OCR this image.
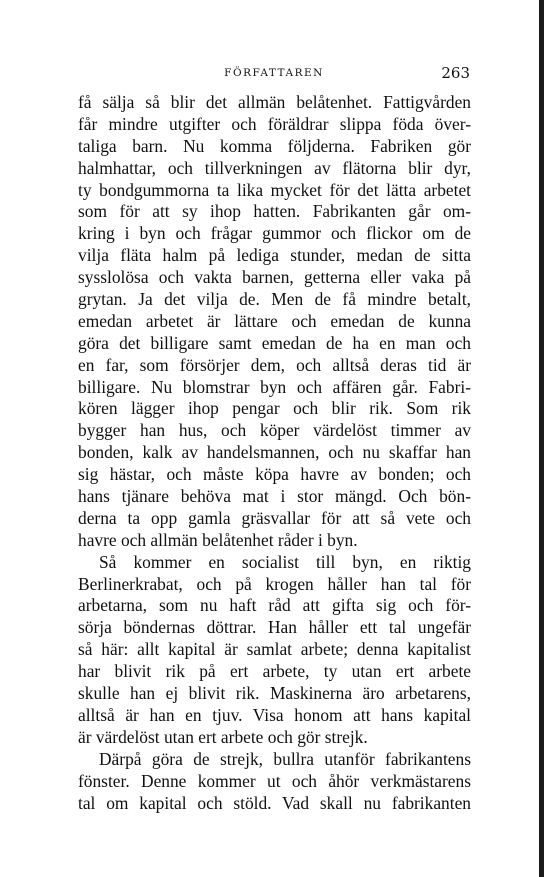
FÖRFATTAREN	263
få sälja så blir det allmän belåtenhet. Fattigvården
får mindre utgifter och föräldrar slippa föda över-
taliga barn. Nu komma följderna. Fabriken gör
halmhattar, och tillverkningen av flätorna blir dyr,
ty bondgummorna ta lika mycket för det lätta arbetet
som för att sy ihop hatten. Fabrikanten går om-
kring i byn och frågar gummor och flickor om de
vilja fläta halm på lediga stunder, medan de sitta
sysslolösa och vakta barnen, getterna eller vaka på
grytan. Ja det vilja de. Men de få mindre betalt,
emedan arbetet är lättare och emedan de kunna
göra det billigare samt emedan de ha en man och
en far, som försörjer dem, och alltså deras tid är
billigare. Nu blomstrar byn och affären går. Fabri-
kören lägger ihop pengar och blir rik. Som rik
bygger han hus, och köper värdelöst timmer av
bonden, kalk av handelsmannen, och nu skaffar han
sig hästar, och måste köpa havre av bonden; och
hans tjänare behöva mat i stor mängd. Och bön-
derna ta opp gamla gräsvallar för att så vete och
havre och allmän belåtenhet råder i byn.
Så kommer en socialist till byn, en riktig
Berlinerkrabat, och på krogen håller han tal för
arbetarna, som nu haft råd att gifta sig och för-
sörja böndernas döttrar. Han håller ett tal ungefär
så här: allt kapital är samlat arbete; denna kapitalist
har blivit rik på ert arbete, ty utan ert arbete
skulle han ej blivit rik. Maskinerna äro arbetarens,
alltså är han en tjuv. Visa honom att hans kapital
är värdelöst utan ert arbete och gör strejk.
Därpå göra de strejk, bullra utanför fabrikantens
fönster. Denne kommer ut och åhör verkmästarens
tal om kapital och stöld. Vad skall nu fabrikanten
